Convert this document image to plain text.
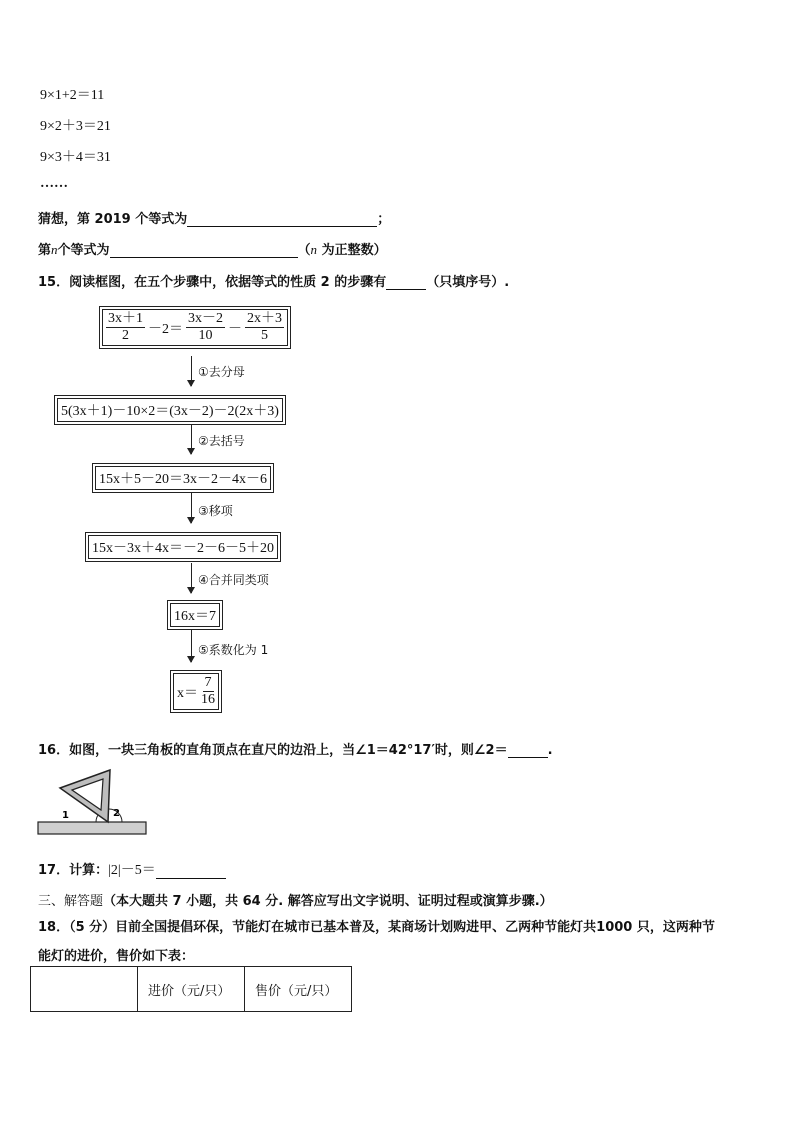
9×1+2＝11
9×2＋3＝21
9×3＋4＝31
……
猜想，第 2019 个等式为	；
第n个等式为	（n 为正整数）
15．阅读框图，在五个步骤中，依据等式的性质 2 的步骤有	（只填序号）.
$\frac{3x+1}{2} -2= \frac{3x-2}{10} - \frac{2x+3}{5}$
①去分母
5(3x＋1)－10×2＝(3x－2)－2(2x＋3)
②去括号
15x＋5－20＝3x－2－4x－6
③移项
15x－3x＋4x＝－2－6－5＋20
④合并同类项
16x＝7
⑤系数化为 1
$x= \frac{7}{16}$
16．如图，一块三角板的直角顶点在直尺的边沿上，当∠1＝42°17′时，则∠2＝	.
1	2
17．计算：|2|－5＝
三、解答题（本大题共 7 小题，共 64 分. 解答应写出文字说明、证明过程或演算步骤.）
18．（5 分）目前全国提倡环保，节能灯在城市已基本普及，某商场计划购进甲、乙两种节能灯共1000 只，这两种节
能灯的进价，售价如下表：
	进价（元/只）	售价（元/只）
